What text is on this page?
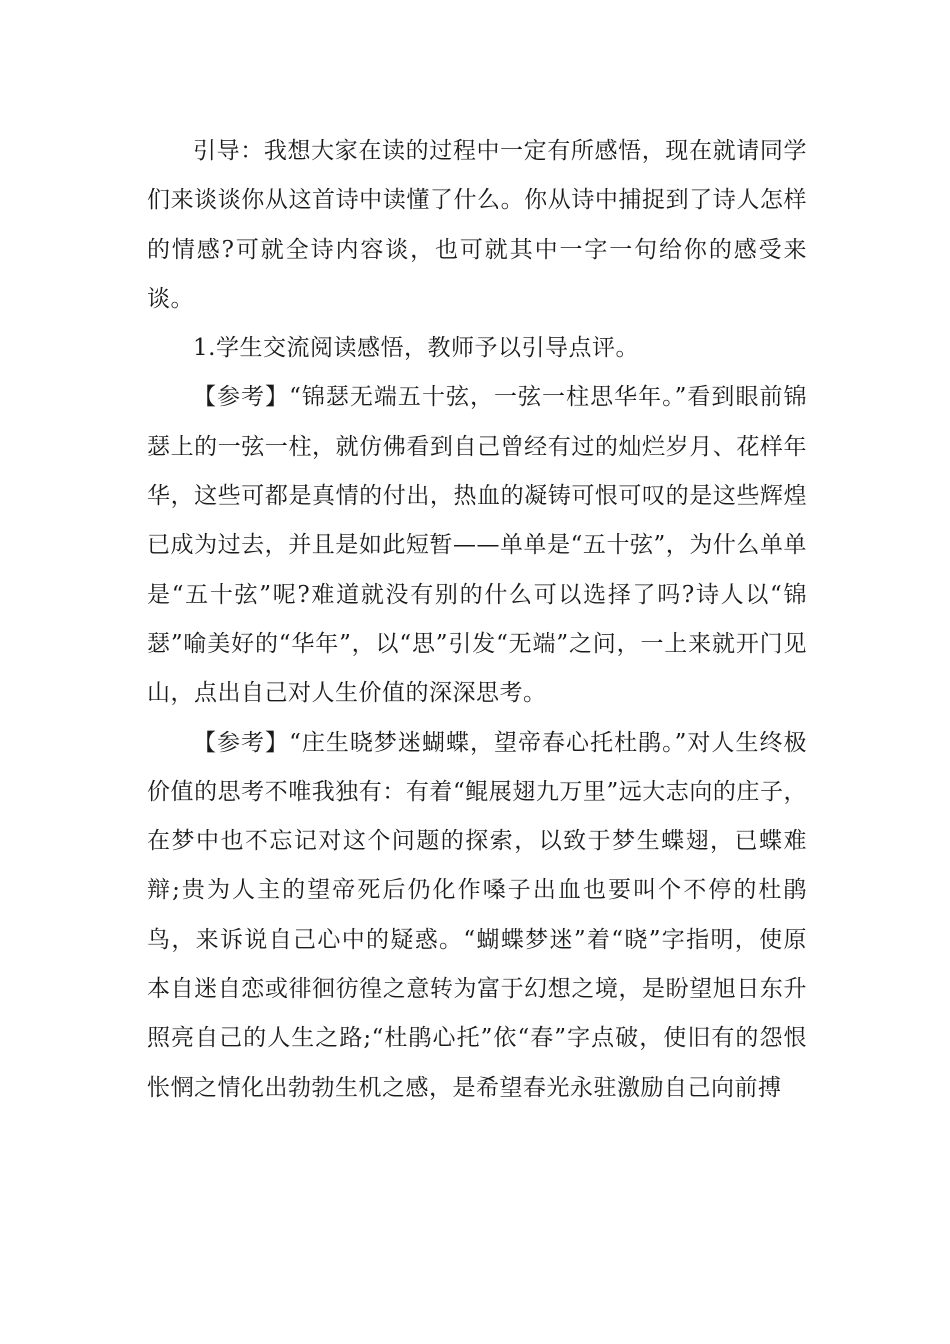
引导：我想大家在读的过程中一定有所感悟，现在就请同学们来谈谈你从这首诗中读懂了什么。你从诗中捕捉到了诗人怎样的情感?可就全诗内容谈，也可就其中一字一句给你的感受来谈。

1.学生交流阅读感悟，教师予以引导点评。

【参考】“锦瑟无端五十弦，一弦一柱思华年。”看到眼前锦瑟上的一弦一柱，就仿佛看到自己曾经有过的灿烂岁月、花样年华，这些可都是真情的付出，热血的凝铸可恨可叹的是这些辉煌已成为过去，并且是如此短暂——单单是“五十弦”，为什么单单是“五十弦”呢?难道就没有别的什么可以选择了吗?诗人以“锦瑟”喻美好的“华年”，以“思”引发“无端”之问，一上来就开门见山，点出自己对人生价值的深深思考。

【参考】“庄生晓梦迷蝴蝶，望帝春心托杜鹃。”对人生终极价值的思考不唯我独有：有着“鲲展翅九万里”远大志向的庄子，在梦中也不忘记对这个问题的探索，以致于梦生蝶翅，已蝶难辩;贵为人主的望帝死后仍化作嗓子出血也要叫个不停的杜鹃鸟，来诉说自己心中的疑惑。“蝴蝶梦迷”着“晓”字指明，使原本自迷自恋或徘徊彷徨之意转为富于幻想之境，是盼望旭日东升照亮自己的人生之路;“杜鹃心托”依“春”字点破，使旧有的怨恨怅惘之情化出勃勃生机之感，是希望春光永驻激励自己向前搏
